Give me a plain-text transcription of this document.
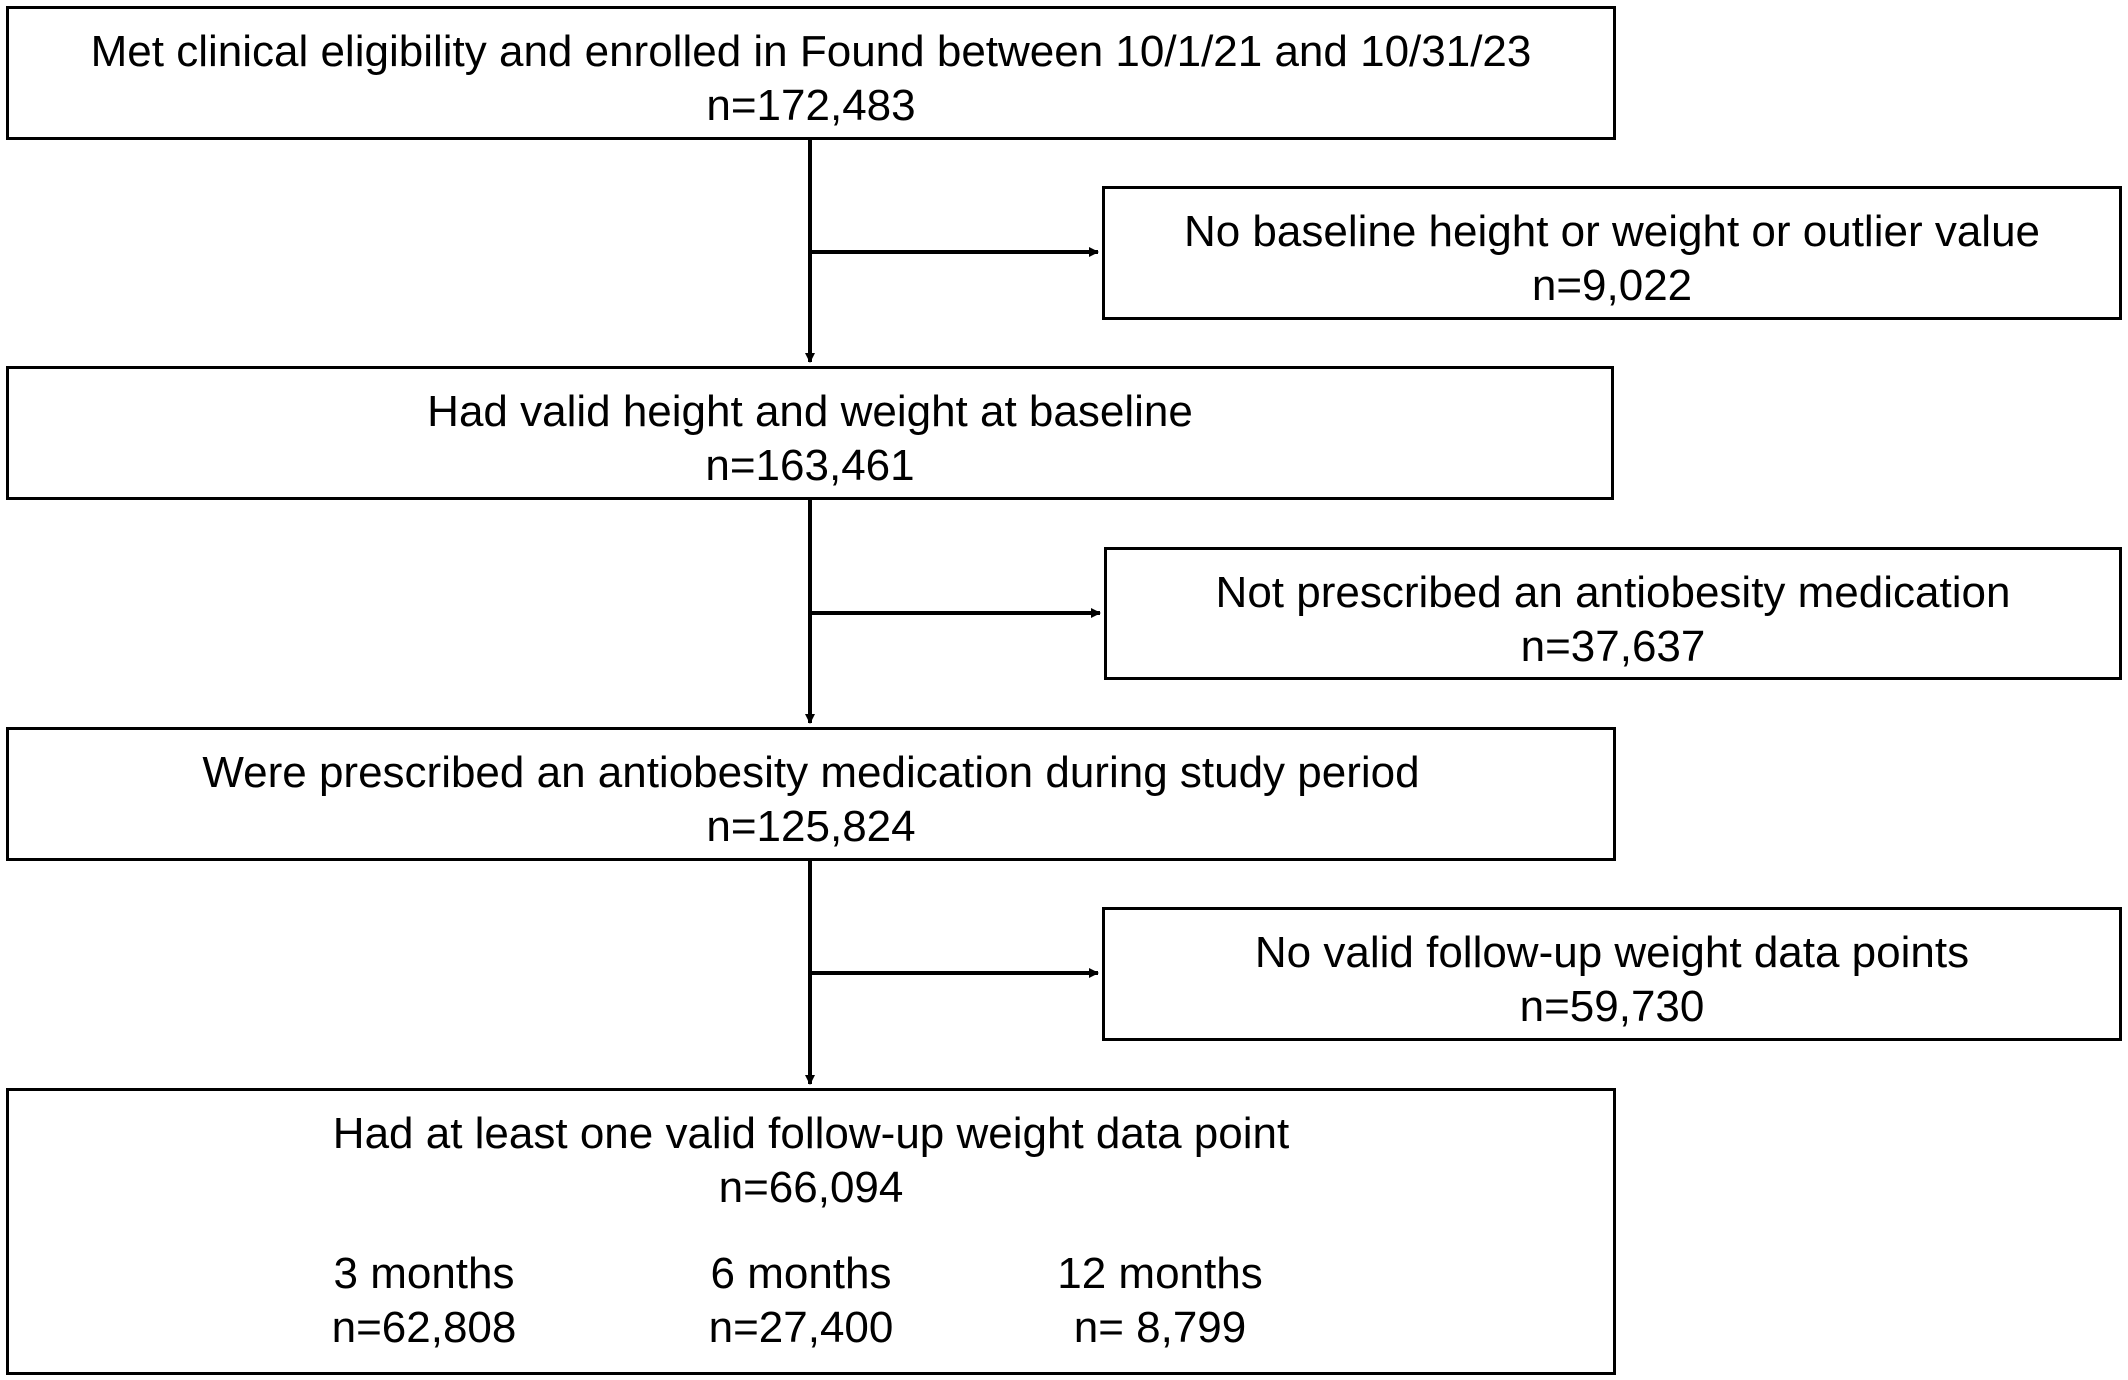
Met clinical eligibility and enrolled in Found between 10/1/21 and 10/31/23
n=172,483
No baseline height or weight or outlier value
n=9,022
Had valid height and weight at baseline
n=163,461
Not prescribed an antiobesity medication
n=37,637
Were prescribed an antiobesity medication during study period
n=125,824
No valid follow-up weight data points
n=59,730
Had at least one valid follow-up weight data point
n=66,094
3 months
n=62,808
6 months
n=27,400
12 months
n= 8,799
